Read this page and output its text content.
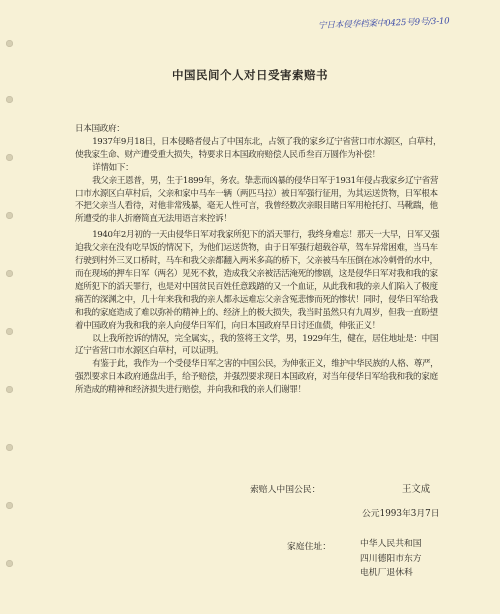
宁日本侵华档案中0425号9号/3-10
中国民间个人对日受害索赔书

日本国政府：

1937年9月18日，日本侵略者侵占了中国东北，占领了我的家乡辽宁省营口市水源区，白草村，使我家生命、财产遭受重大损失，特要求日本国政府赔偿人民币叁百万圆作为补偿！

详情如下：

我父亲王恩普，男，生于1899年，务农。挚悲而凶暴的侵华日军于1931年侵占我家乡辽宁省营口市水源区白草村后，父亲和家中马车一辆（两匹马拉）被日军强行征用，为其运送货物，日军根本不把父亲当人看待，对他非常残暴，毫无人性可言，我曾经数次亲眼目睹日军用枪托打、马靴踹，他所遭受的非人折磨简直无法用语言来控诉！

1940年2月初的一天由侵华日军对我家所犯下的滔天罪行，我终身难忘！那天一大早，日军又强迫我父亲在没有吃早饭的情况下，为他们运送货物，由于日军强行超载谷草，驾车异常困难，当马车行驶到村外三叉口桥时，马车和我父亲都翻入两米多高的桥下，父亲被马车压倒在冰冷刺骨的水中，而在现场的押车日军（两名）见死不救，造成我父亲被活活淹死的惨剧，这是侵华日军对我和我的家庭所犯下的滔天罪行，也是对中国贫民百姓任意践踏的又一个血证，从此我和我的亲人们陷入了极度痛苦的深渊之中，几十年来我和我的亲人都永远难忘父亲含冤悲惨而死的惨状！同时，侵华日军给我和我的家庭造成了难以弥补的精神上的、经济上的极大损失，我当时虽然只有九周岁，但我一直盼望着中国政府为我和我的亲人向侵华日军们，向日本国政府早日讨还血债，伸张正义！

以上我所控诉的情况，完全属实，，我的签将王文学，男，1929年生，健在，居住地址是：中国辽宁省营口市水源区白草村，可以证明。

有鉴于此，我作为一个受侵华日军之害的中国公民，为伸张正义，维护中华民族的人格、尊严，强烈要求日本政府通盘出手，给予赔偿，并强烈要求现日本国政府，对当年侵华日军给我和我的家庭所造成的精神和经济损失进行赔偿，并向我和我的亲人们谢罪！

索赔人中国公民：	王文成
公元1993年3月7日
家庭住址：	中华人民共和国四川德阳市东方电机厂退休科
